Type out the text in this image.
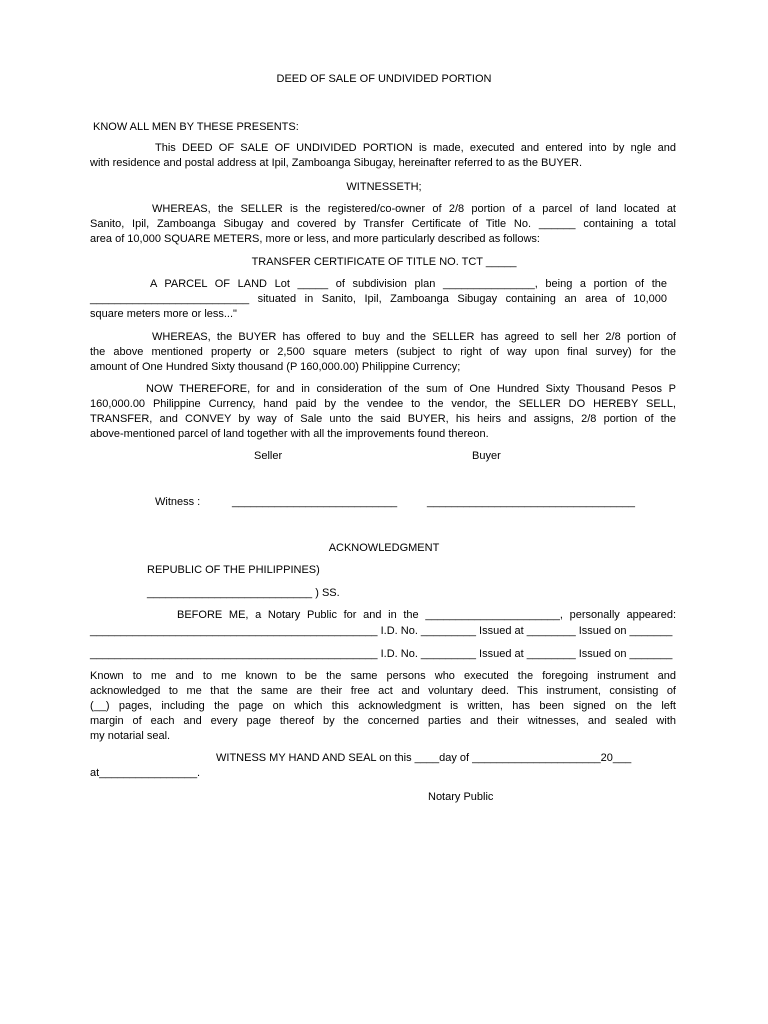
DEED OF SALE OF UNDIVIDED PORTION
KNOW ALL MEN BY THESE PRESENTS:
This DEED OF SALE OF UNDIVIDED PORTION is made, executed and entered into by ngle and
with residence and postal address at Ipil, Zamboanga Sibugay, hereinafter referred to as the BUYER.
WITNESSETH;
WHEREAS, the SELLER is the registered/co-owner of 2/8 portion of a parcel of land located at
Sanito, Ipil, Zamboanga Sibugay and covered by Transfer Certificate of Title No. ______ containing a total
area of 10,000 SQUARE METERS, more or less, and more particularly described as follows:
TRANSFER CERTIFICATE OF TITLE NO. TCT _____
A PARCEL OF LAND Lot _____ of subdivision plan _______________, being a portion of the
__________________________ situated in Sanito, Ipil, Zamboanga Sibugay containing an area of 10,000
square meters more or less..."
WHEREAS, the BUYER has offered to buy and the SELLER has agreed to sell her 2/8 portion of
the above mentioned property or 2,500 square meters (subject to right of way upon final survey) for the
amount of One Hundred Sixty thousand (P 160,000.00) Philippine Currency;
NOW THEREFORE, for and in consideration of the sum of One Hundred Sixty Thousand Pesos P
160,000.00 Philippine Currency, hand paid by the vendee to the vendor, the SELLER DO HEREBY SELL,
TRANSFER, and CONVEY by way of Sale unto the said BUYER, his heirs and assigns, 2/8 portion of the
above-mentioned parcel of land together with all the improvements found thereon.
Seller	Buyer
Witness :	___________________________	__________________________________
ACKNOWLEDGMENT
REPUBLIC OF THE PHILIPPINES)
___________________________ ) SS.
BEFORE ME, a Notary Public for and in the ______________________, personally appeared:
_______________________________________________ I.D. No. _________ Issued at ________ Issued on _______
_______________________________________________ I.D. No. _________ Issued at ________ Issued on _______
Known to me and to me known to be the same persons who executed the foregoing instrument and
acknowledged to me that the same are their free act and voluntary deed. This instrument, consisting of
(__) pages, including the page on which this acknowledgment is written, has been signed on the left
margin of each and every page thereof by the concerned parties and their witnesses, and sealed with
my notarial seal.
WITNESS MY HAND AND SEAL on this ____day of _____________________20___
at________________.
Notary Public
